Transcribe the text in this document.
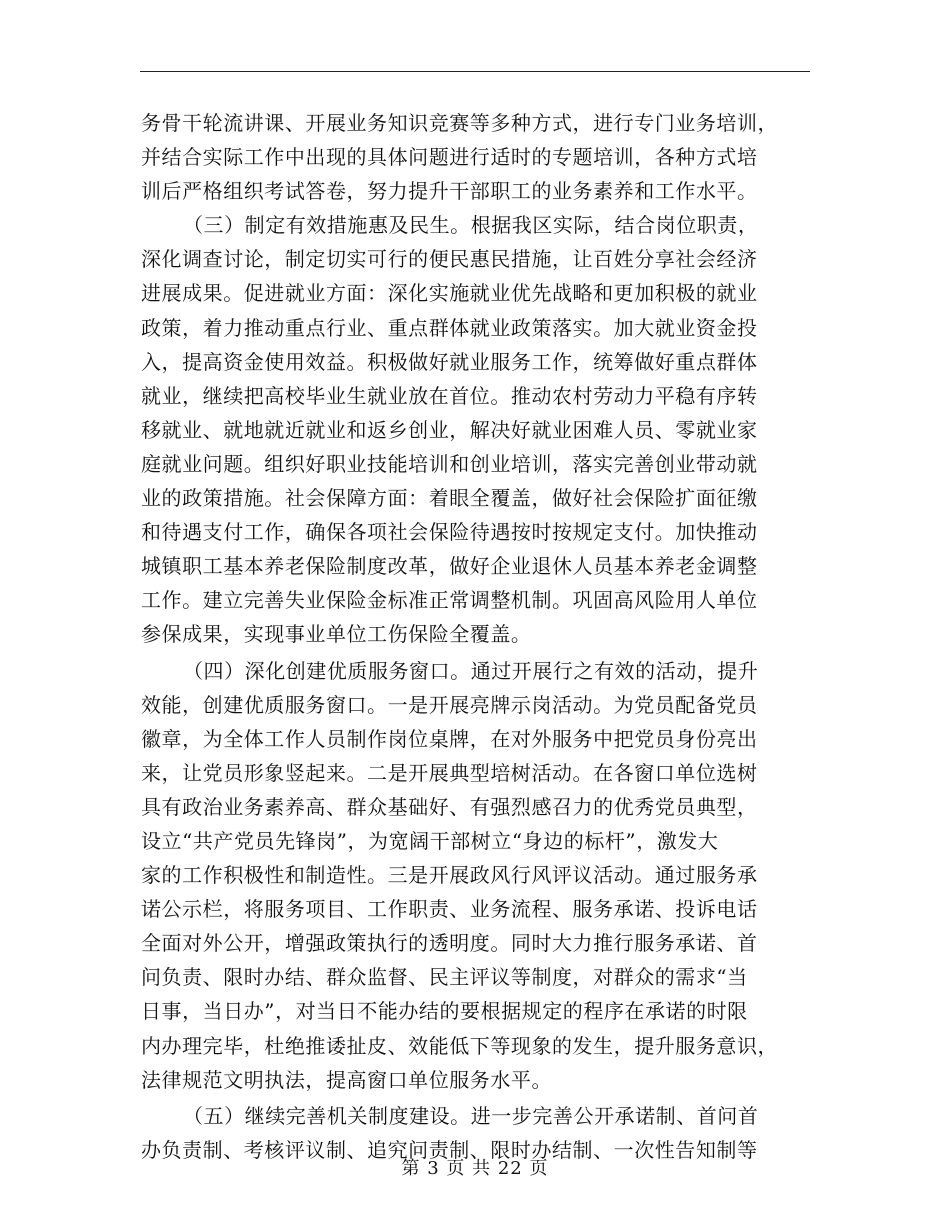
务骨干轮流讲课、开展业务知识竞赛等多种方式，进行专门业务培训，
并结合实际工作中出现的具体问题进行适时的专题培训，各种方式培
训后严格组织考试答卷，努力提升干部职工的业务素养和工作水平。
（三）制定有效措施惠及民生。根据我区实际，结合岗位职责，
深化调查讨论，制定切实可行的便民惠民措施，让百姓分享社会经济
进展成果。促进就业方面：深化实施就业优先战略和更加积极的就业
政策，着力推动重点行业、重点群体就业政策落实。加大就业资金投
入，提高资金使用效益。积极做好就业服务工作，统筹做好重点群体
就业，继续把高校毕业生就业放在首位。推动农村劳动力平稳有序转
移就业、就地就近就业和返乡创业，解决好就业困难人员、零就业家
庭就业问题。组织好职业技能培训和创业培训，落实完善创业带动就
业的政策措施。社会保障方面：着眼全覆盖，做好社会保险扩面征缴
和待遇支付工作，确保各项社会保险待遇按时按规定支付。加快推动
城镇职工基本养老保险制度改革，做好企业退休人员基本养老金调整
工作。建立完善失业保险金标准正常调整机制。巩固高风险用人单位
参保成果，实现事业单位工伤保险全覆盖。
（四）深化创建优质服务窗口。通过开展行之有效的活动，提升
效能，创建优质服务窗口。一是开展亮牌示岗活动。为党员配备党员
徽章，为全体工作人员制作岗位桌牌，在对外服务中把党员身份亮出
来，让党员形象竖起来。二是开展典型培树活动。在各窗口单位选树
具有政治业务素养高、群众基础好、有强烈感召力的优秀党员典型，
设立“共产党员先锋岗”，为宽阔干部树立“身边的标杆”，激发大
家的工作积极性和制造性。三是开展政风行风评议活动。通过服务承
诺公示栏，将服务项目、工作职责、业务流程、服务承诺、投诉电话
全面对外公开，增强政策执行的透明度。同时大力推行服务承诺、首
问负责、限时办结、群众监督、民主评议等制度，对群众的需求“当
日事，当日办”，对当日不能办结的要根据规定的程序在承诺的时限
内办理完毕，杜绝推诿扯皮、效能低下等现象的发生，提升服务意识，
法律规范文明执法，提高窗口单位服务水平。
（五）继续完善机关制度建设。进一步完善公开承诺制、首问首
办负责制、考核评议制、追究问责制、限时办结制、一次性告知制等
第 3 页 共 22 页
